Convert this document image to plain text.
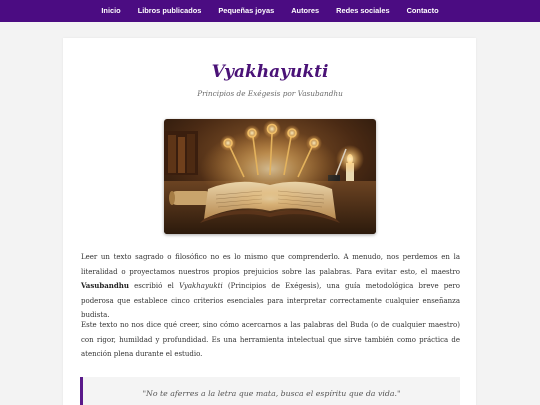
Inicio	Libros publicados	Pequeñas joyas	Autores	Redes sociales	Contacto
Vyakhayukti
Principios de Exégesis por Vasubandhu

Leer un texto sagrado o filosófico no es lo mismo que comprenderlo. A menudo, nos perdemos en la literalidad o proyectamos nuestros propios prejuicios sobre las palabras. Para evitar esto, el maestro Vasubandhu escribió el Vyakhayukti (Principios de Exégesis), una guía metodológica breve pero poderosa que establece cinco criterios esenciales para interpretar correctamente cualquier enseñanza budista.

Este texto no nos dice qué creer, sino cómo acercarnos a las palabras del Buda (o de cualquier maestro) con rigor, humildad y profundidad. Es una herramienta intelectual que sirve también como práctica de atención plena durante el estudio.

"No te aferres a la letra que mata, busca el espíritu que da vida."
